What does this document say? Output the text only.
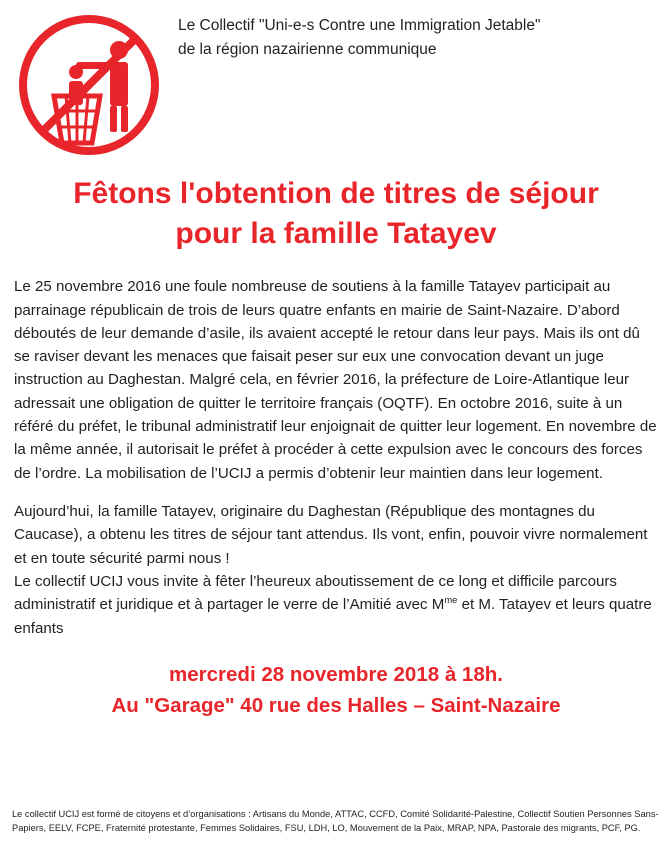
Le Collectif "Uni-e-s Contre une Immigration Jetable"
de la région nazairienne communique
Fêtons l'obtention de titres de séjour
pour la famille Tatayev

Le 25 novembre 2016 une foule nombreuse de soutiens à la famille Tatayev participait au parrainage républicain de trois de leurs quatre enfants en mairie de Saint-Nazaire. D’abord déboutés de leur demande d’asile, ils avaient accepté le retour dans leur pays. Mais ils ont dû se raviser devant les menaces que faisait peser sur eux une convocation devant un juge instruction au Daghestan. Malgré cela, en février 2016, la préfecture de Loire-Atlantique leur adressait une obligation de quitter le territoire français (OQTF). En octobre 2016, suite à un référé du préfet, le tribunal administratif leur enjoignait de quitter leur logement. En novembre de la même année, il autorisait le préfet à procéder à cette expulsion avec le concours des forces de l’ordre. La mobilisation de l’UCIJ a permis d’obtenir leur maintien dans leur logement.

Aujourd’hui, la famille Tatayev, originaire du Daghestan (République des montagnes du Caucase), a obtenu les titres de séjour tant attendus. Ils vont, enfin, pouvoir vivre normalement et en toute sécurité parmi nous !

Le collectif UCIJ vous invite à fêter l’heureux aboutissement de ce long et difficile parcours administratif et juridique et à partager le verre de l’Amitié avec $M^{me}$ et M. Tatayev et leurs quatre enfants

mercredi 28 novembre 2018 à 18h.
Au "Garage" 40 rue des Halles – Saint-Nazaire
Le collectif UCIJ est formé de citoyens et d’organisations : Artisans du Monde, ATTAC, CCFD, Comité Solidarité-Palestine, Collectif Soutien Personnes Sans-Papiers, EELV, FCPE, Fraternité protestante, Femmes Solidaires, FSU, LDH, LO, Mouvement de la Paix, MRAP, NPA, Pastorale des migrants, PCF, PG.
